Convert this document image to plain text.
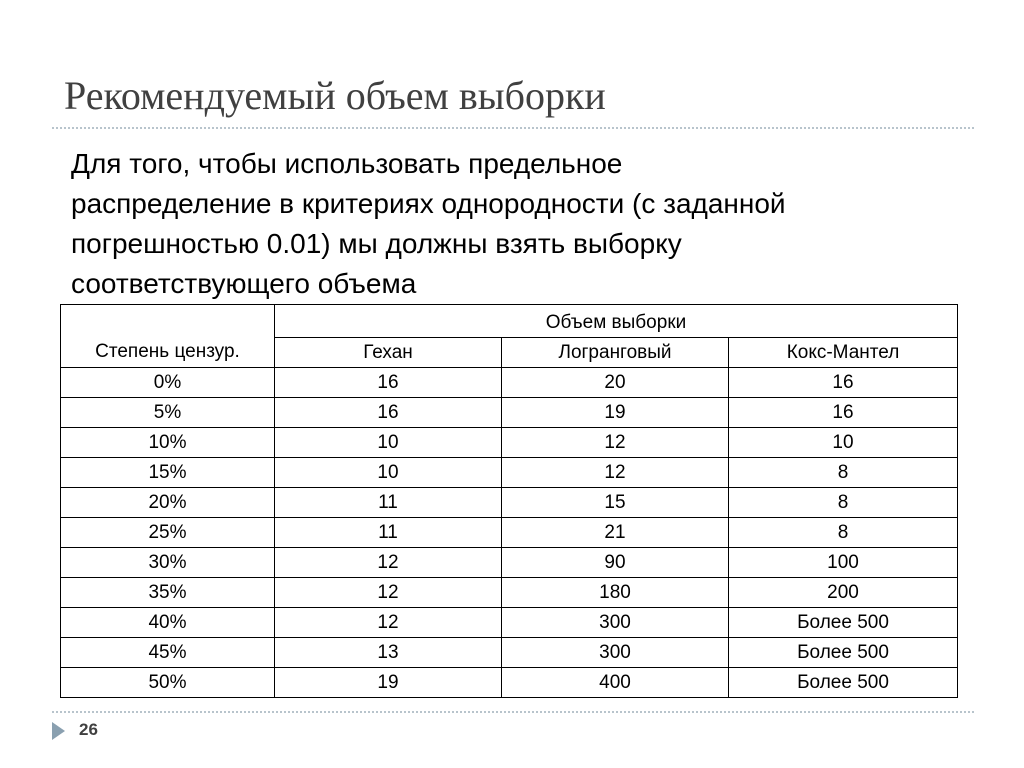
Рекомендуемый объем выборки
Для того, чтобы использовать предельное
распределение в критериях однородности (с заданной
погрешностью 0.01) мы должны взять выборку
соответствующего объема
Степень цензур.	Объем выборки		
	Гехан	Логранговый	Кокс-Мантел
0%	16	20	16
5%	16	19	16
10%	10	12	10
15%	10	12	8
20%	11	15	8
25%	11	21	8
30%	12	90	100
35%	12	180	200
40%	12	300	Более 500
45%	13	300	Более 500
50%	19	400	Более 500
26
